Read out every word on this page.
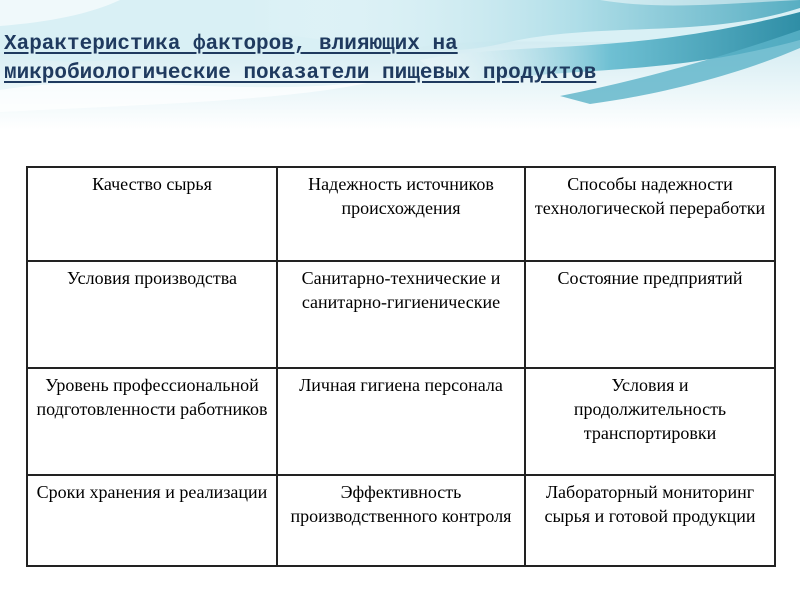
Характеристика факторов, влияющих на микробиологические показатели пищевых продуктов
Качество сырья	Надежность источников происхождения	Способы надежности технологической переработки

Условия производства	Санитарно-технические и санитарно-гигиенические	Состояние предприятий

Уровень профессиональной подготовленности работников	Личная гигиена персонала	Условия и продолжительность транспортировки

Сроки хранения и реализации	Эффективность производственного контроля	Лабораторный мониторинг сырья и готовой продукции
